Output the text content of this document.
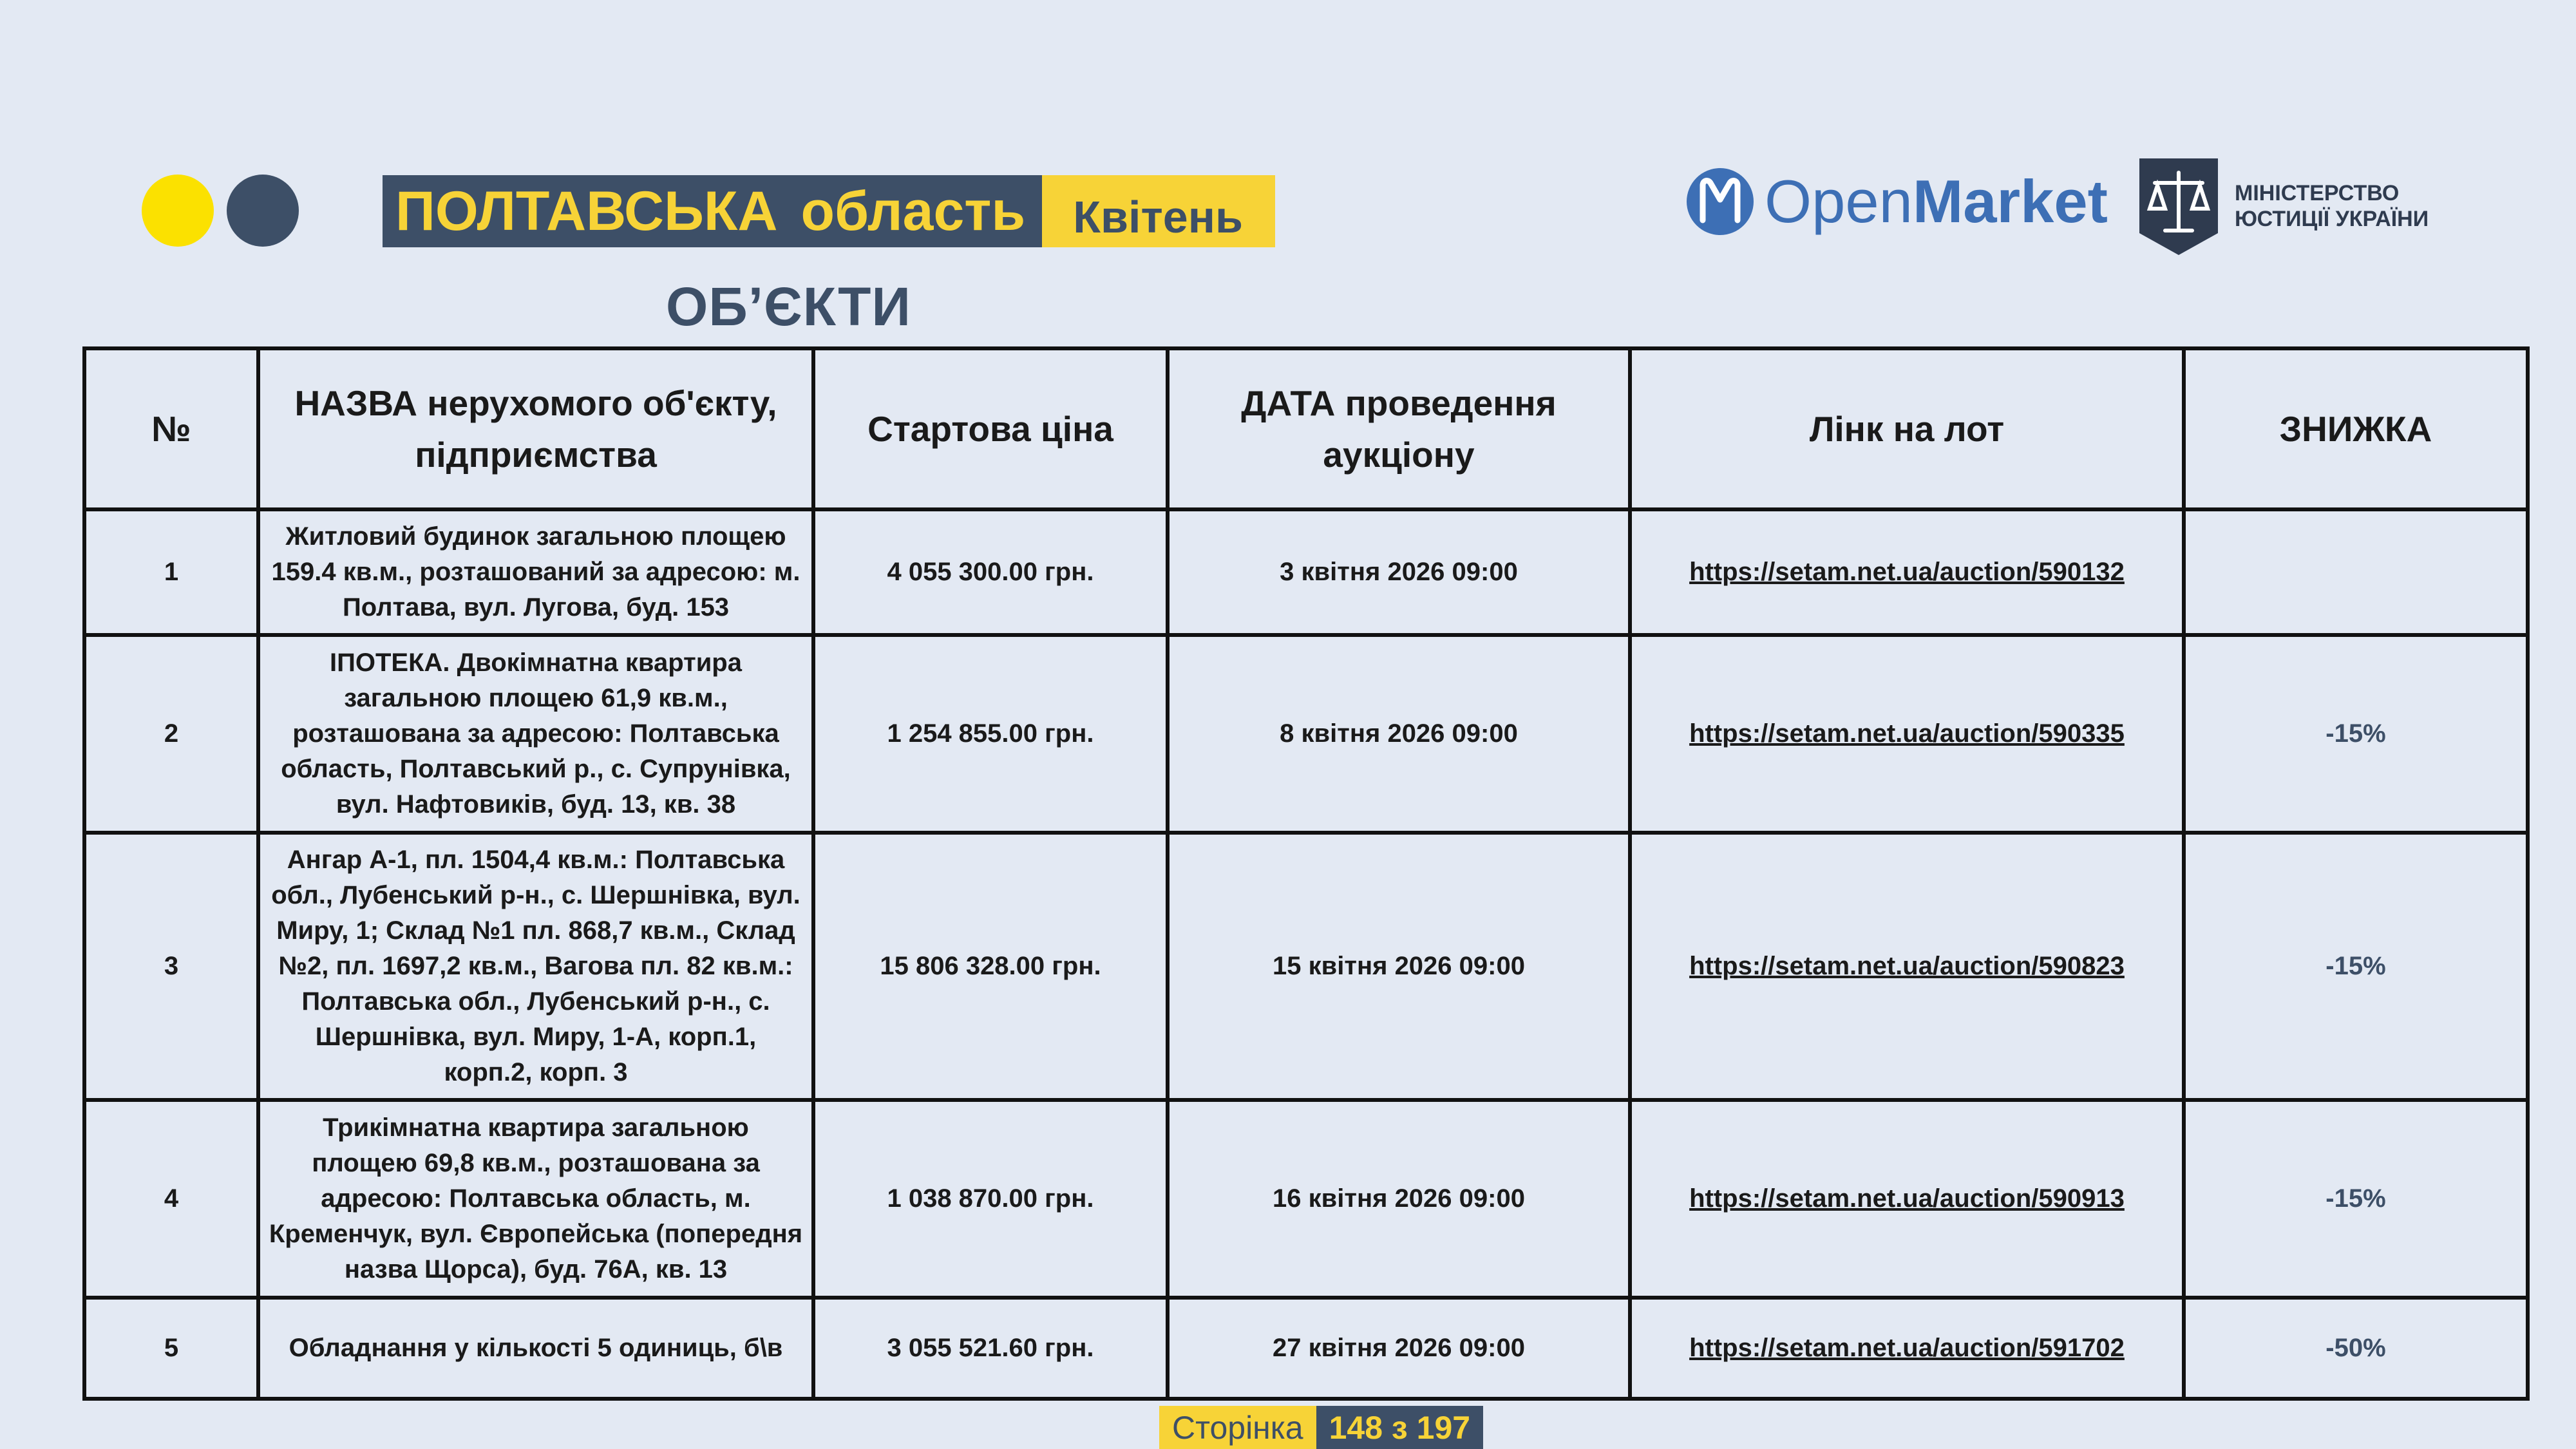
ПОЛТАВСЬКА область	Квітень
ОБ’ЄКТИ
OpenMarket	МІНІСТЕРСТВО
ЮСТИЦІЇ УКРАЇНИ
№	НАЗВА нерухомого об'єкту, підприємства	Стартова ціна	ДАТА проведення аукціону	Лінк на лот	ЗНИЖКА
1	Житловий будинок загальною площею 159.4 кв.м., розташований за адресою: м. Полтава, вул. Лугова, буд. 153	4 055 300.00 грн.	3 квітня 2026 09:00	https://setam.net.ua/auction/590132	
2	ІПОТЕКА. Двокімнатна квартира загальною площею 61,9 кв.м., розташована за адресою: Полтавська область, Полтавський р., с. Супрунівка, вул. Нафтовиків, буд. 13, кв. 38	1 254 855.00 грн.	8 квітня 2026 09:00	https://setam.net.ua/auction/590335	-15%
3	Ангар А-1, пл. 1504,4 кв.м.: Полтавська обл., Лубенський р-н., с. Шершнівка, вул. Миру, 1; Склад №1 пл. 868,7 кв.м., Склад №2, пл. 1697,2 кв.м., Вагова пл. 82 кв.м.: Полтавська обл., Лубенський р-н., с. Шершнівка, вул. Миру, 1-А, корп.1, корп.2, корп. 3	15 806 328.00 грн.	15 квітня 2026 09:00	https://setam.net.ua/auction/590823	-15%
4	Трикімнатна квартира загальною площею 69,8 кв.м., розташована за адресою: Полтавська область, м. Кременчук, вул. Європейська (попередня назва Щорса), буд. 76А, кв. 13	1 038 870.00 грн.	16 квітня 2026 09:00	https://setam.net.ua/auction/590913	-15%
5	Обладнання у кількості 5 одиниць, б\в	3 055 521.60 грн.	27 квітня 2026 09:00	https://setam.net.ua/auction/591702	-50%
Сторінка 148 з 197
